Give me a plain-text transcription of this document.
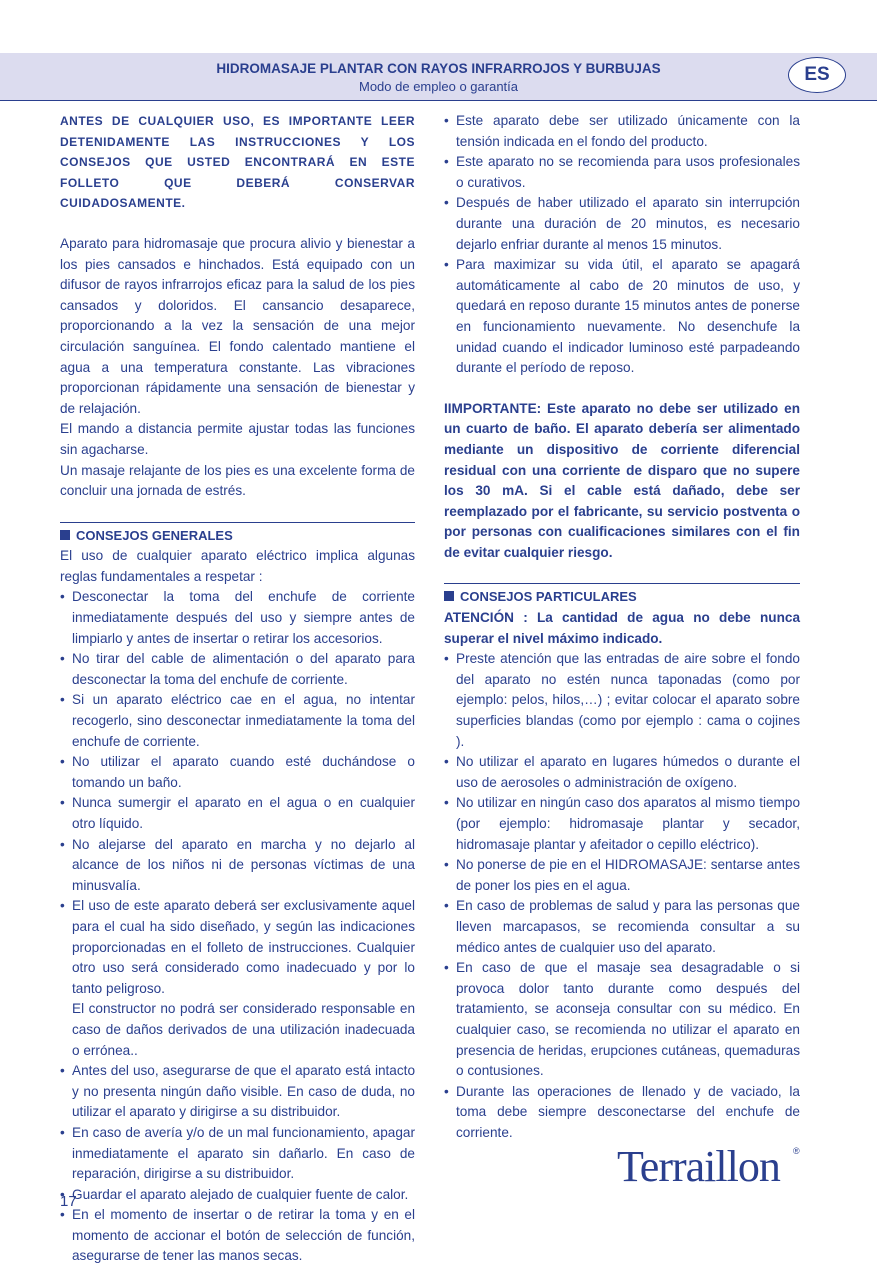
HIDROMASAJE PLANTAR CON RAYOS INFRARROJOS Y BURBUJAS
Modo de empleo o garantía
ES

ANTES DE CUALQUIER USO, ES IMPORTANTE LEER DETENIDAMENTE LAS INSTRUCCIONES Y LOS CONSEJOS QUE USTED ENCONTRARÁ EN ESTE FOLLETO QUE DEBERÁ CONSERVAR CUIDADOSAMENTE.

Aparato para hidromasaje que procura alivio y bienestar a los pies cansados e hinchados. Está equipado con un difusor de rayos infrarrojos eficaz para la salud de los pies cansados y doloridos. El cansancio desaparece, proporcionando a la vez la sensación de una mejor circulación sanguínea. El fondo calentado mantiene el agua a una temperatura constante. Las vibraciones proporcionan rápidamente una sensación de bienestar y de relajación.

El mando a distancia permite ajustar todas las funciones sin agacharse.

Un masaje relajante de los pies es una excelente forma de concluir una jornada de estrés.

CONSEJOS GENERALES

El uso de cualquier aparato eléctrico implica algunas reglas fundamentales a respetar :

• Desconectar la toma del enchufe de corriente inmediatamente después del uso y siempre antes de limpiarlo y antes de insertar o retirar los accesorios.
• No tirar del cable de alimentación o del aparato para desconectar la toma del enchufe de corriente.
• Si un aparato eléctrico cae en el agua, no intentar recogerlo, sino desconectar inmediatamente la toma del enchufe de corriente.
• No utilizar el aparato cuando esté duchándose o tomando un baño.
• Nunca sumergir el aparato en el agua o en cualquier otro líquido.
• No alejarse del aparato en marcha y no dejarlo al alcance de los niños ni de personas víctimas de una minusvalía.
• El uso de este aparato deberá ser exclusivamente aquel para el cual ha sido diseñado, y según las indicaciones proporcionadas en el folleto de instrucciones. Cualquier otro uso será considerado como inadecuado y por lo tanto peligroso.
El constructor no podrá ser considerado responsable en caso de daños derivados de una utilización inadecuada o errónea..
• Antes del uso, asegurarse de que el aparato está intacto y no presenta ningún daño visible. En caso de duda, no utilizar el aparato y dirigirse a su distribuidor.
• En caso de avería y/o de un mal funcionamiento, apagar inmediatamente el aparato sin dañarlo. En caso de reparación, dirigirse a su distribuidor.
• Guardar el aparato alejado de cualquier fuente de calor.
• En el momento de insertar o de retirar la toma y en el momento de accionar el botón de selección de función, asegurarse de tener las manos secas.
• Este aparato debe ser utilizado únicamente con la tensión indicada en el fondo del producto.
• Este aparato no se recomienda para usos profesionales o curativos.
• Después de haber utilizado el aparato sin interrupción durante una duración de 20 minutos, es necesario dejarlo enfriar durante al menos 15 minutos.
• Para maximizar su vida útil, el aparato se apagará automáticamente al cabo de 20 minutos de uso, y quedará en reposo durante 15 minutos antes de ponerse en funcionamiento nuevamente. No desenchufe la unidad cuando el indicador luminoso esté parpadeando durante el período de reposo.

IIMPORTANTE: Este aparato no debe ser utilizado en un cuarto de baño. El aparato debería ser alimentado mediante un dispositivo de corriente diferencial residual con una corriente de disparo que no supere los 30 mA. Si el cable está dañado, debe ser reemplazado por el fabricante, su servicio postventa o por personas con cualificaciones similares con el fin de evitar cualquier riesgo.

CONSEJOS PARTICULARES

ATENCIÓN : La cantidad de agua no debe nunca superar el nivel máximo indicado.

• Preste atención que las entradas de aire sobre el fondo del aparato no estén nunca taponadas (como por ejemplo: pelos, hilos,…) ; evitar colocar el aparato sobre superficies blandas (como por ejemplo : cama o cojines ).
• No utilizar el aparato en lugares húmedos o durante el uso de aerosoles o administración de oxígeno.
• No utilizar en ningún caso dos aparatos al mismo tiempo (por ejemplo: hidromasaje plantar y secador, hidromasaje plantar y afeitador o cepillo eléctrico).
• No ponerse de pie en el HIDROMASAJE: sentarse antes de poner los pies en el agua.
• En caso de problemas de salud y para las personas que lleven marcapasos, se recomienda consultar a su médico antes de cualquier uso del aparato.
• En caso de que el masaje sea desagradable o si provoca dolor tanto durante como después del tratamiento, se aconseja consultar con su médico. En cualquier caso, se recomienda no utilizar el aparato en presencia de heridas, erupciones cutáneas, quemaduras o contusiones.
• Durante las operaciones de llenado y de vaciado, la toma debe siempre desconectarse del enchufe de corriente.
17
Terraillon ®
